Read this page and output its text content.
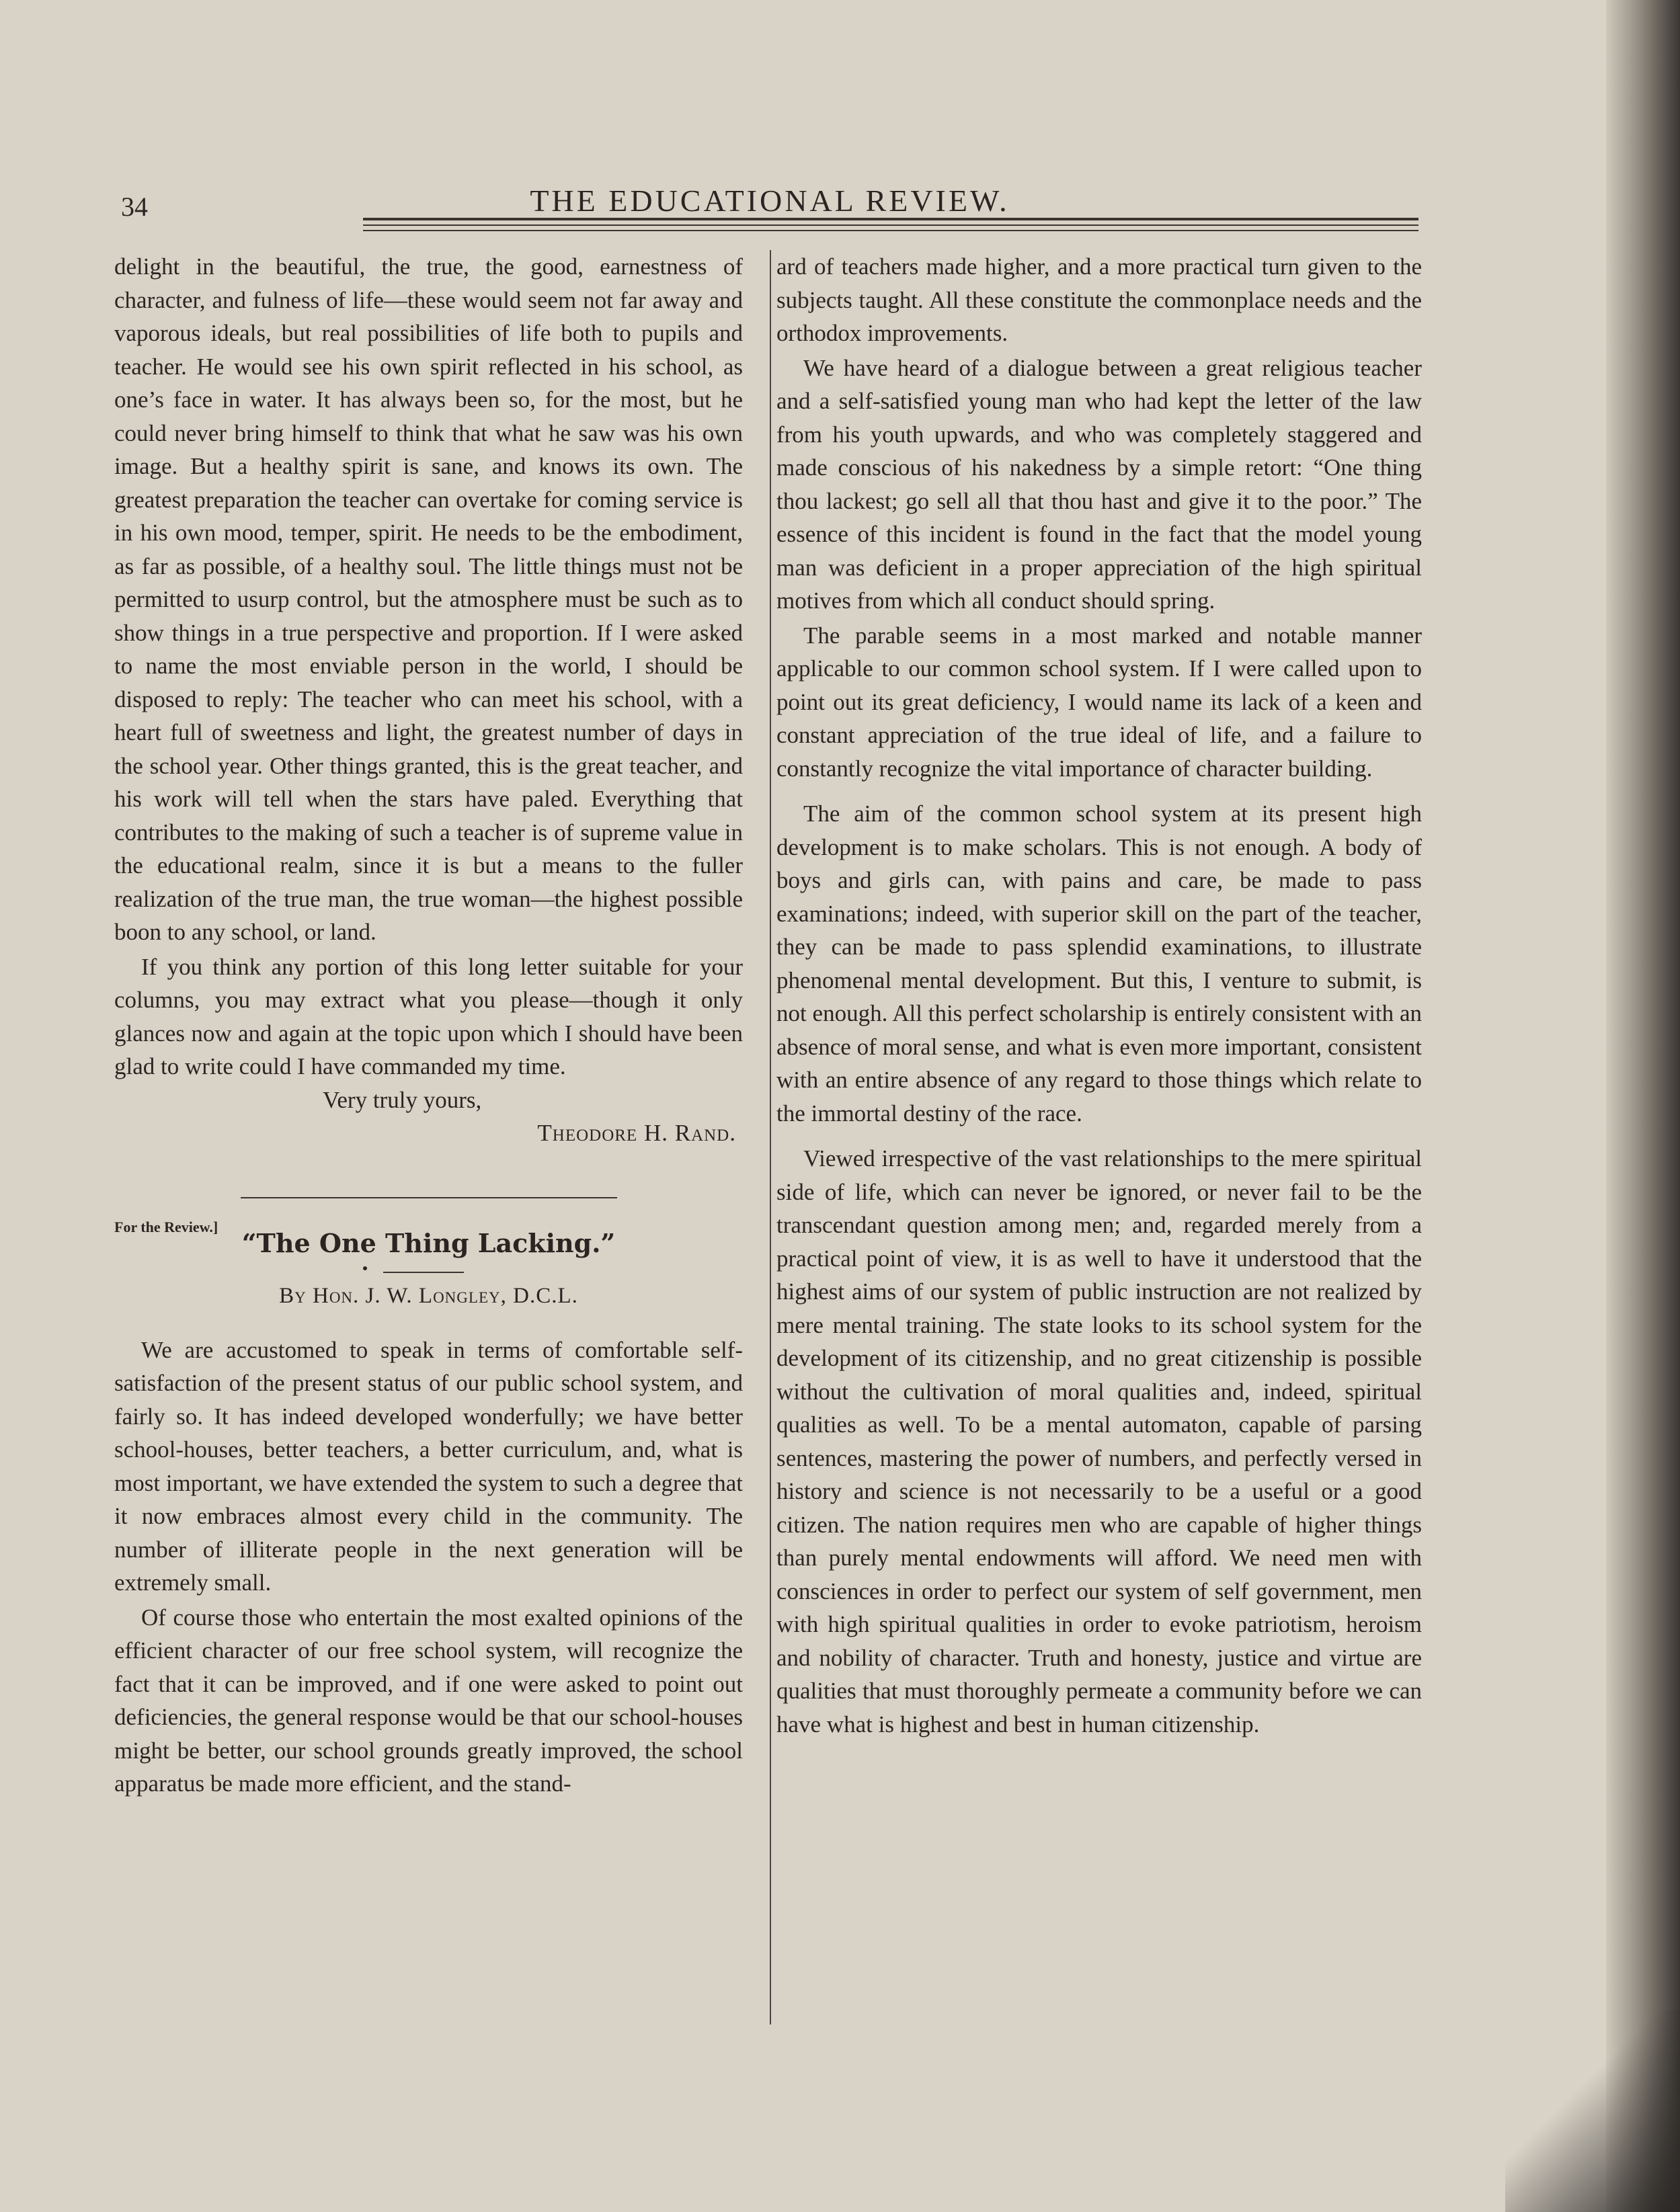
34	THE EDUCATIONAL REVIEW.

delight in the beautiful, the true, the good, earnestness of character, and fulness of life—these would seem not far away and vaporous ideals, but real possibilities of life both to pupils and teacher. He would see his own spirit reflected in his school, as one’s face in water. It has always been so, for the most, but he could never bring himself to think that what he saw was his own image. But a healthy spirit is sane, and knows its own. The greatest preparation the teacher can overtake for coming service is in his own mood, temper, spirit. He needs to be the embodiment, as far as possible, of a healthy soul. The little things must not be permitted to usurp control, but the atmosphere must be such as to show things in a true perspective and proportion. If I were asked to name the most enviable person in the world, I should be disposed to reply: The teacher who can meet his school, with a heart full of sweetness and light, the greatest number of days in the school year. Other things granted, this is the great teacher, and his work will tell when the stars have paled. Everything that contributes to the making of such a teacher is of supreme value in the educational realm, since it is but a means to the fuller realization of the true man, the true woman—the highest possible boon to any school, or land.

If you think any portion of this long letter suitable for your columns, you may extract what you please—though it only glances now and again at the topic upon which I should have been glad to write could I have commanded my time.

Very truly yours,

Theodore H. Rand.

For the Review.]

“The One Thing Lacking.”
By Hon. J. W. Longley, D.C.L.

We are accustomed to speak in terms of comfortable self-satisfaction of the present status of our public school system, and fairly so. It has indeed developed wonderfully; we have better school-houses, better teachers, a better curriculum, and, what is most important, we have extended the system to such a degree that it now embraces almost every child in the community. The number of illiterate people in the next generation will be extremely small.

Of course those who entertain the most exalted opinions of the efficient character of our free school system, will recognize the fact that it can be improved, and if one were asked to point out deficiencies, the general response would be that our school-houses might be better, our school grounds greatly improved, the school apparatus be made more efficient, and the stand-

ard of teachers made higher, and a more practical turn given to the subjects taught. All these constitute the commonplace needs and the orthodox improvements.

We have heard of a dialogue between a great religious teacher and a self-satisfied young man who had kept the letter of the law from his youth upwards, and who was completely staggered and made conscious of his nakedness by a simple retort: “One thing thou lackest; go sell all that thou hast and give it to the poor.” The essence of this incident is found in the fact that the model young man was deficient in a proper appreciation of the high spiritual motives from which all conduct should spring.

The parable seems in a most marked and notable manner applicable to our common school system. If I were called upon to point out its great deficiency, I would name its lack of a keen and constant appreciation of the true ideal of life, and a failure to constantly recognize the vital importance of character building.

The aim of the common school system at its present high development is to make scholars. This is not enough. A body of boys and girls can, with pains and care, be made to pass examinations; indeed, with superior skill on the part of the teacher, they can be made to pass splendid examinations, to illustrate phenomenal mental development. But this, I venture to submit, is not enough. All this perfect scholarship is entirely consistent with an absence of moral sense, and what is even more important, consistent with an entire absence of any regard to those things which relate to the immortal destiny of the race.

Viewed irrespective of the vast relationships to the mere spiritual side of life, which can never be ignored, or never fail to be the transcendant question among men; and, regarded merely from a practical point of view, it is as well to have it understood that the highest aims of our system of public instruction are not realized by mere mental training. The state looks to its school system for the development of its citizenship, and no great citizenship is possible without the cultivation of moral qualities and, indeed, spiritual qualities as well. To be a mental automaton, capable of parsing sentences, mastering the power of numbers, and perfectly versed in history and science is not necessarily to be a useful or a good citizen. The nation requires men who are capable of higher things than purely mental endowments will afford. We need men with consciences in order to perfect our system of self government, men with high spiritual qualities in order to evoke patriotism, heroism and nobility of character. Truth and honesty, justice and virtue are qualities that must thoroughly permeate a community before we can have what is highest and best in human citizenship.
